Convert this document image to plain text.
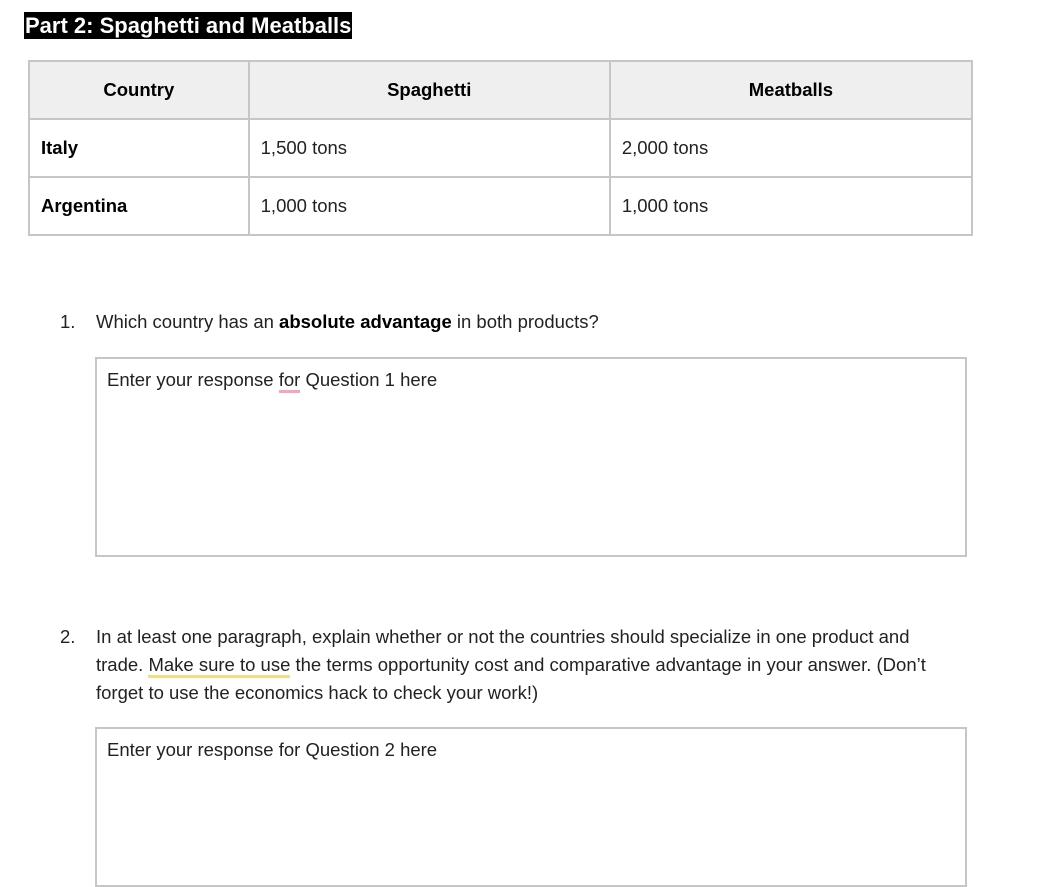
Part 2: Spaghetti and Meatballs
Country	Spaghetti	Meatballs
Italy	1,500 tons	2,000 tons
Argentina	1,000 tons	1,000 tons
1. Which country has an absolute advantage in both products?
Enter your response for Question 1 here
2. In at least one paragraph, explain whether or not the countries should specialize in one product and trade. Make sure to use the terms opportunity cost and comparative advantage in your answer. (Don’t forget to use the economics hack to check your work!)
Enter your response for Question 2 here
